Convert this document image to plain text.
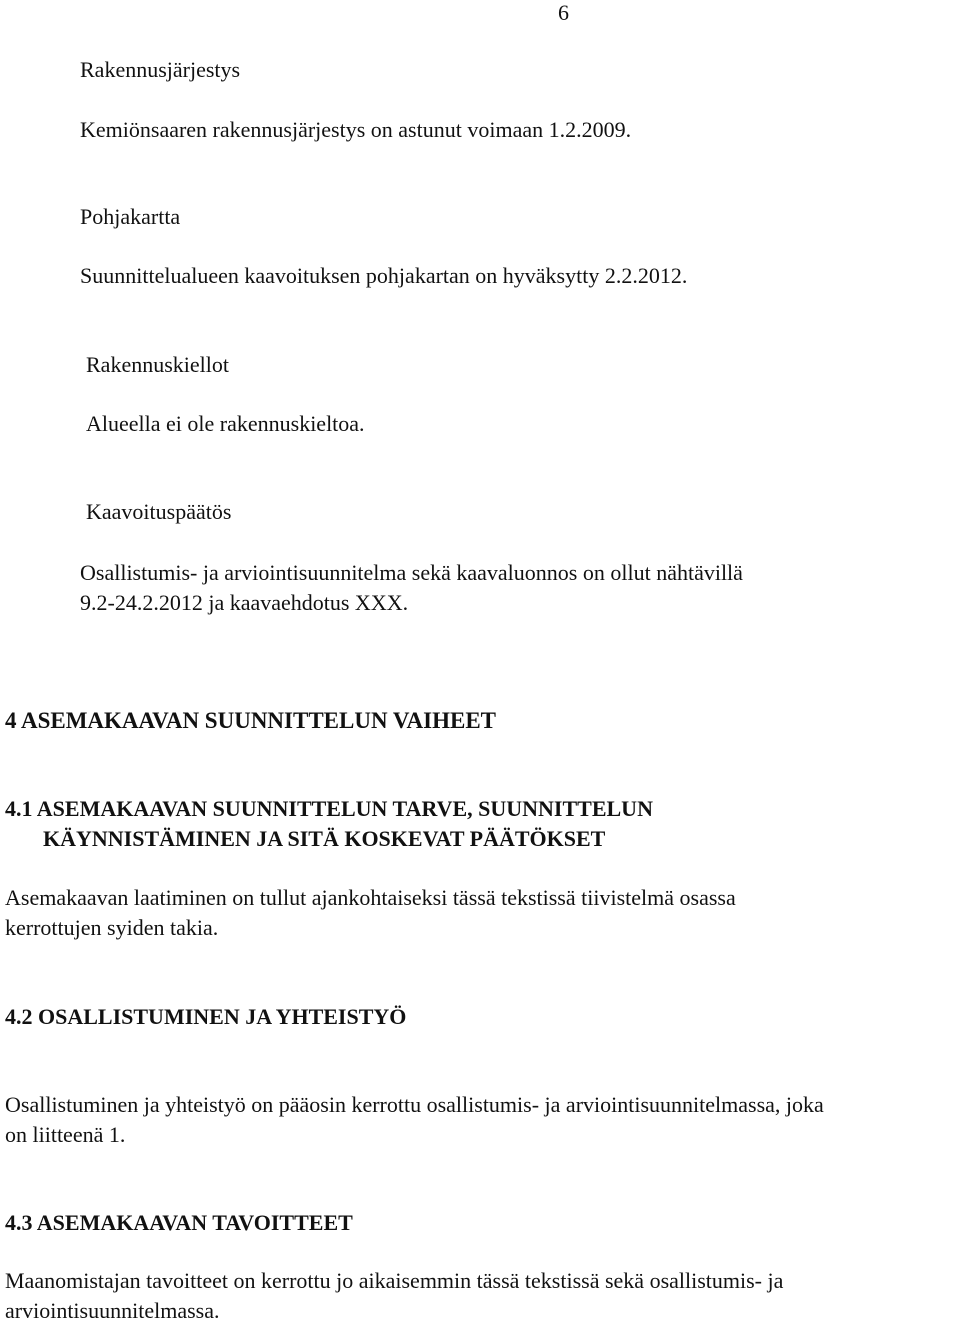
6
Rakennusjärjestys
Kemiönsaaren rakennusjärjestys on astunut voimaan 1.2.2009.
Pohjakartta
Suunnittelualueen kaavoituksen pohjakartan on hyväksytty 2.2.2012.
Rakennuskiellot
Alueella ei ole rakennuskieltoa.
Kaavoituspäätös
Osallistumis- ja arviointisuunnitelma sekä kaavaluonnos on ollut nähtävillä
9.2-24.2.2012 ja kaavaehdotus XXX.
4 ASEMAKAAVAN SUUNNITTELUN VAIHEET
4.1 ASEMAKAAVAN SUUNNITTELUN TARVE, SUUNNITTELUN
KÄYNNISTÄMINEN JA SITÄ KOSKEVAT PÄÄTÖKSET
Asemakaavan laatiminen on tullut ajankohtaiseksi tässä tekstissä tiivistelmä osassa
kerrottujen syiden takia.
4.2 OSALLISTUMINEN JA YHTEISTYÖ
Osallistuminen ja yhteistyö on pääosin kerrottu osallistumis- ja arviointisuunnitelmassa, joka
on liitteenä 1.
4.3 ASEMAKAAVAN TAVOITTEET
Maanomistajan tavoitteet on kerrottu jo aikaisemmin tässä tekstissä sekä osallistumis- ja
arviointisuunnitelmassa.
